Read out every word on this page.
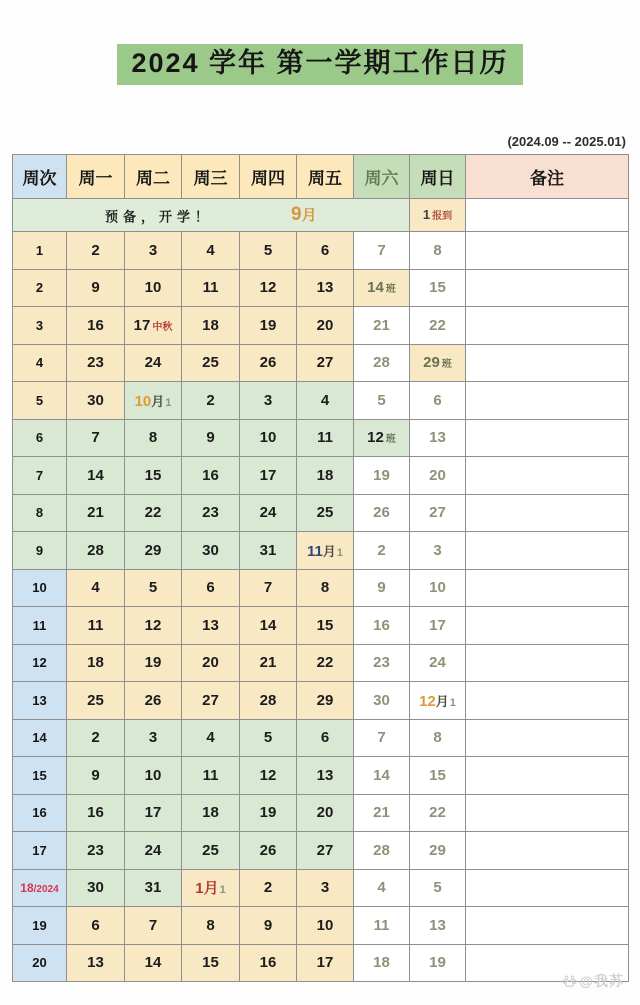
2024 学年 第一学期工作日历
(2024.09 -- 2025.01)
周次	周一	周二	周三	周四	周五	周六	周日	备注

预备，开学！ 9月							1 报到	
1	2	3	4	5	6	7	8	
2	9	10	11	12	13	14 班	15	
3	16	17 中秋	18	19	20	21	22	
4	23	24	25	26	27	28	29 班	
5	30	10月1	2	3	4	5	6	
6	7	8	9	10	11	12 班	13	
7	14	15	16	17	18	19	20	
8	21	22	23	24	25	26	27	
9	28	29	30	31	11月1	2	3	
10	4	5	6	7	8	9	10	
11	11	12	13	14	15	16	17	
12	18	19	20	21	22	23	24	
13	25	26	27	28	29	30	12月1	
14	2	3	4	5	6	7	8	
15	9	10	11	12	13	14	15	
16	16	17	18	19	20	21	22	
17	23	24	25	26	27	28	29	
18/2024	30	31	1月1	2	3	4	5	
19	6	7	8	9	10	11	13	
20	13	14	15	16	17	18	19	
@我苏
